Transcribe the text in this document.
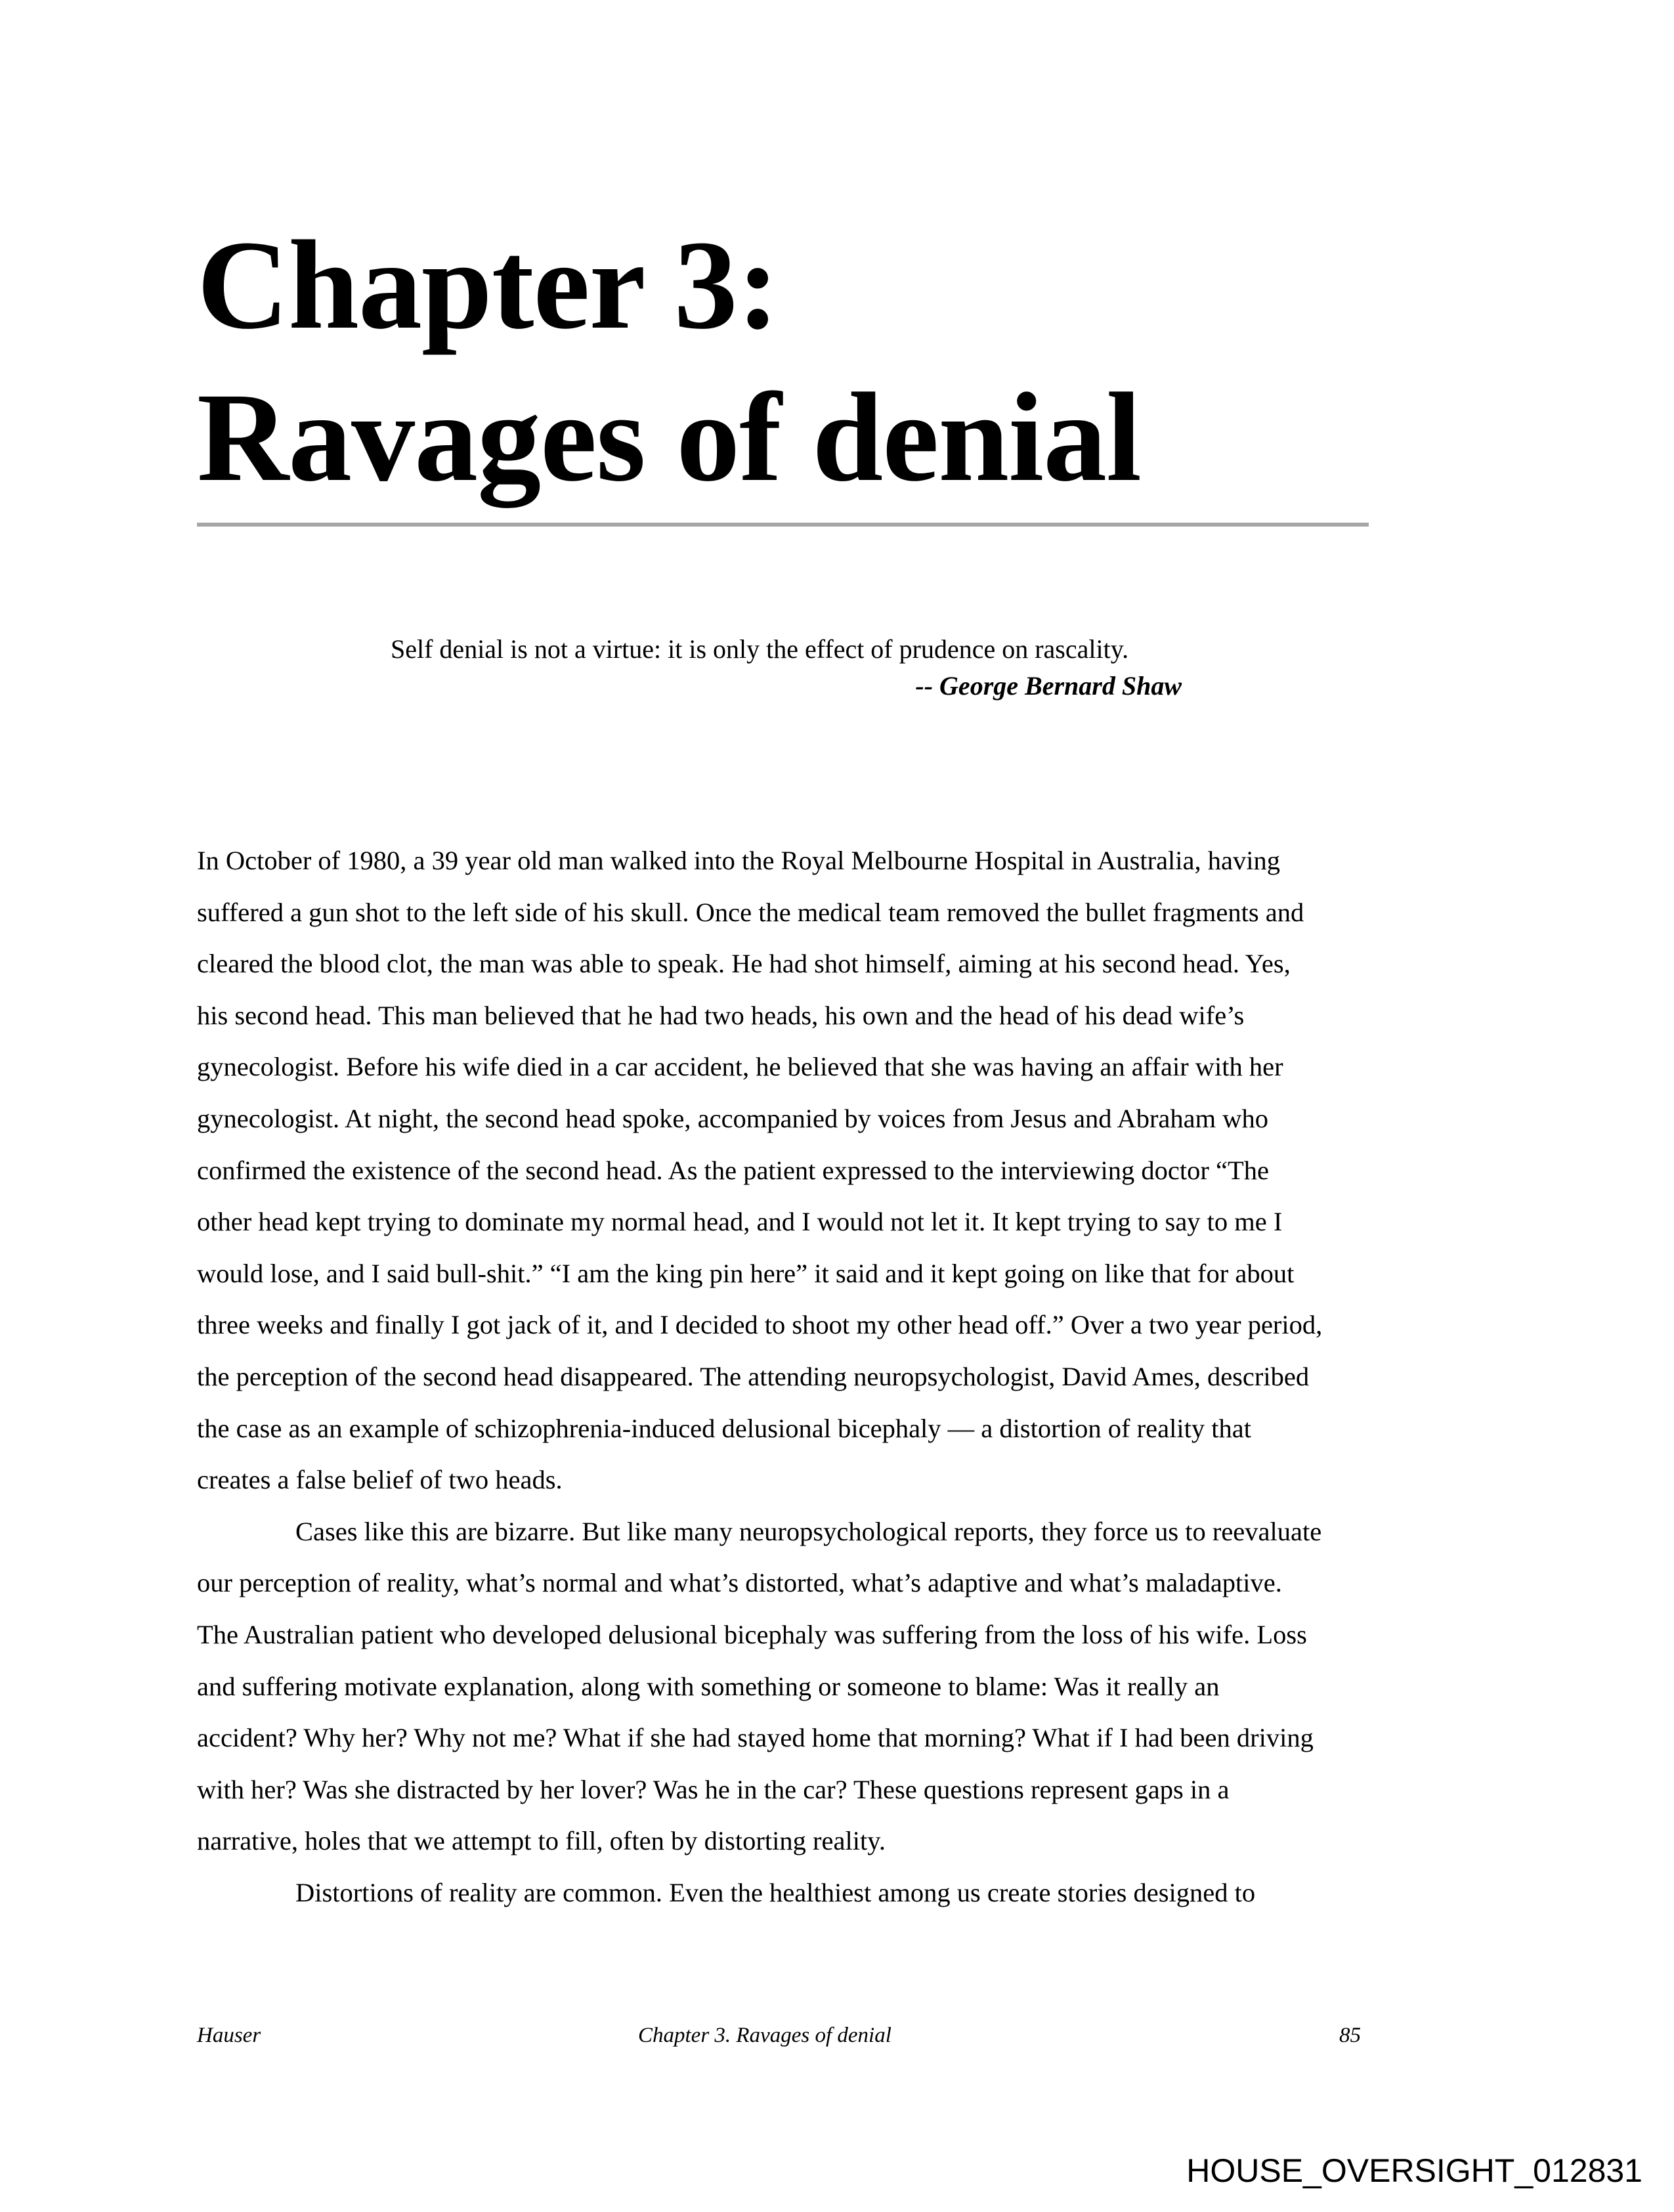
Chapter 3:
Ravages of denial
Self denial is not a virtue: it is only the effect of prudence on rascality.
-- George Bernard Shaw
In October of 1980, a 39 year old man walked into the Royal Melbourne Hospital in Australia, having
suffered a gun shot to the left side of his skull. Once the medical team removed the bullet fragments and
cleared the blood clot, the man was able to speak. He had shot himself, aiming at his second head. Yes,
his second head. This man believed that he had two heads, his own and the head of his dead wife’s
gynecologist. Before his wife died in a car accident, he believed that she was having an affair with her
gynecologist. At night, the second head spoke, accompanied by voices from Jesus and Abraham who
confirmed the existence of the second head. As the patient expressed to the interviewing doctor “The
other head kept trying to dominate my normal head, and I would not let it. It kept trying to say to me I
would lose, and I said bull-shit.” “I am the king pin here” it said and it kept going on like that for about
three weeks and finally I got jack of it, and I decided to shoot my other head off.” Over a two year period,
the perception of the second head disappeared. The attending neuropsychologist, David Ames, described
the case as an example of schizophrenia-induced delusional bicephaly — a distortion of reality that
creates a false belief of two heads.
Cases like this are bizarre. But like many neuropsychological reports, they force us to reevaluate
our perception of reality, what’s normal and what’s distorted, what’s adaptive and what’s maladaptive.
The Australian patient who developed delusional bicephaly was suffering from the loss of his wife. Loss
and suffering motivate explanation, along with something or someone to blame: Was it really an
accident? Why her? Why not me? What if she had stayed home that morning? What if I had been driving
with her? Was she distracted by her lover? Was he in the car? These questions represent gaps in a
narrative, holes that we attempt to fill, often by distorting reality.
Distortions of reality are common. Even the healthiest among us create stories designed to
Hauser	Chapter 3. Ravages of denial	85
HOUSE_OVERSIGHT_012831
